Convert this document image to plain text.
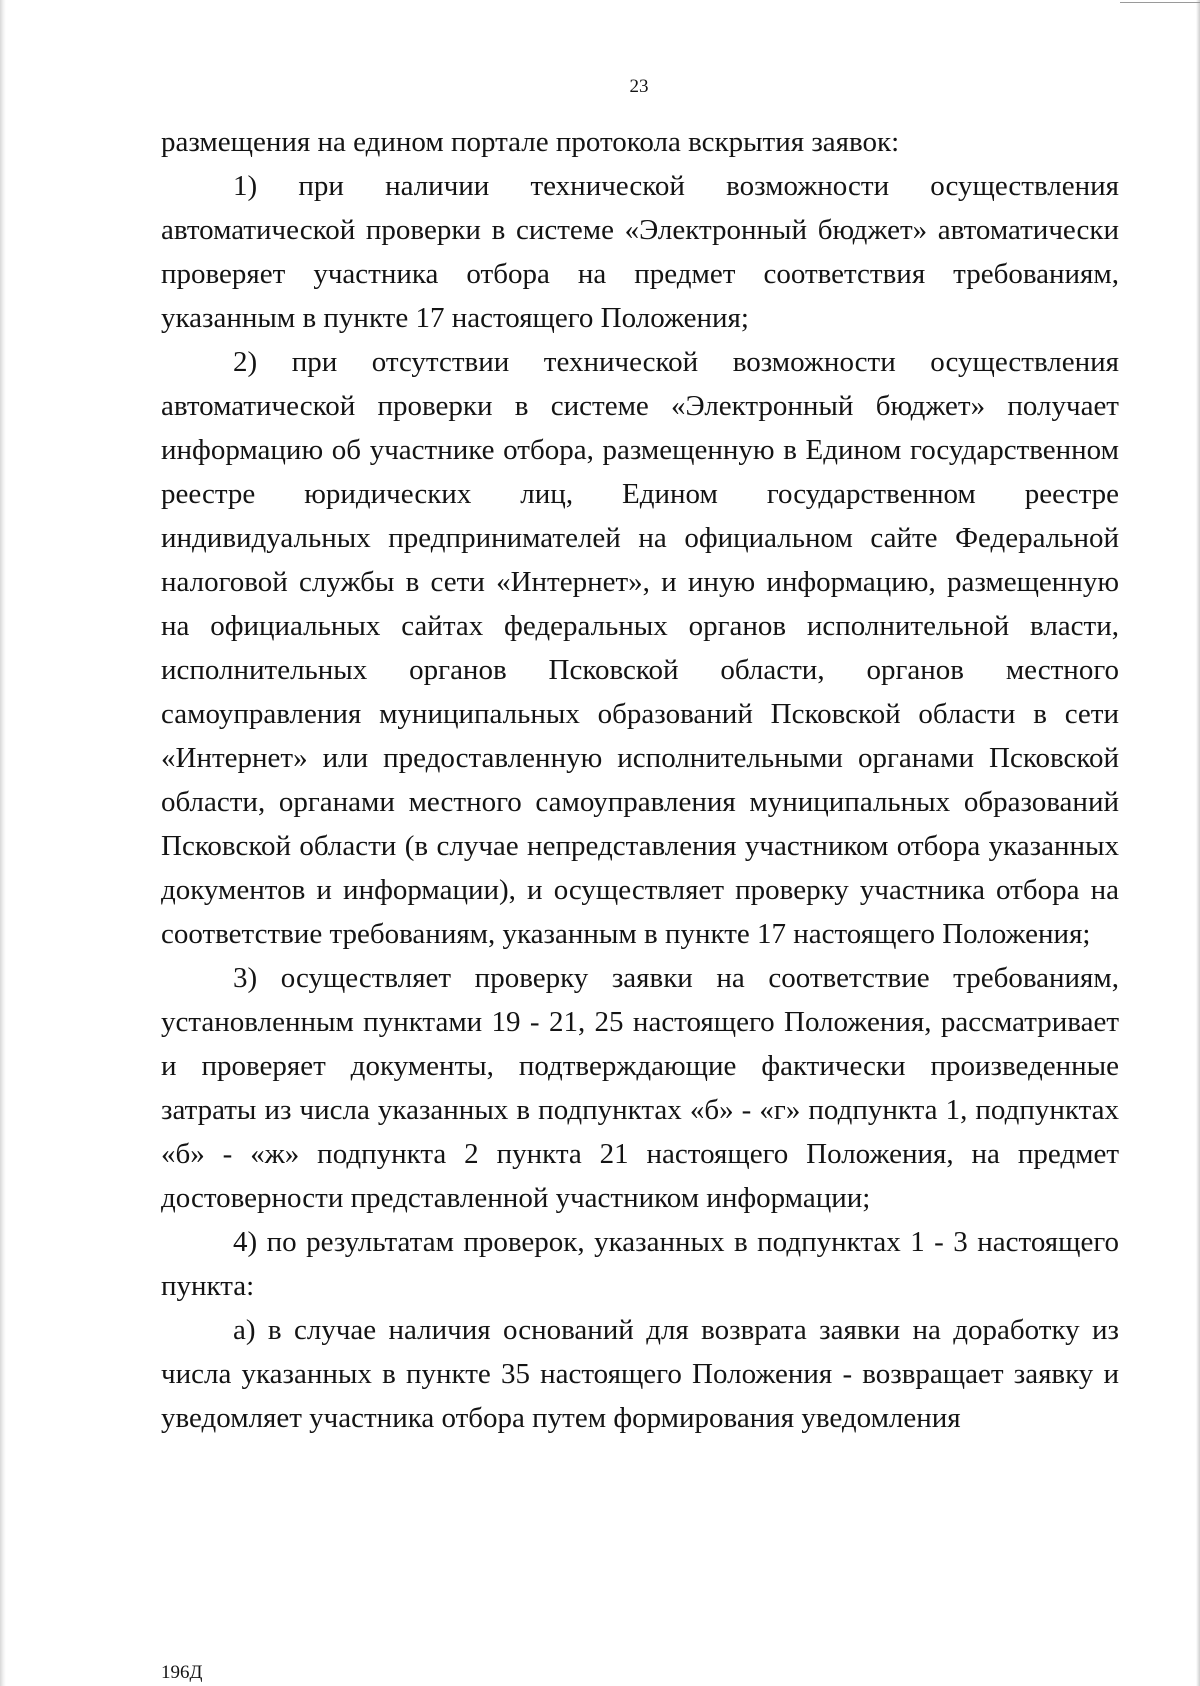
23

размещения на едином портале протокола вскрытия заявок:

1) при наличии технической возможности осуществления автоматической проверки в системе «Электронный бюджет» автоматически проверяет участника отбора на предмет соответствия требованиям, указанным в пункте 17 настоящего Положения;

2) при отсутствии технической возможности осуществления автоматической проверки в системе «Электронный бюджет» получает информацию об участнике отбора, размещенную в Едином государственном реестре юридических лиц, Едином государственном реестре индивидуальных предпринимателей на официальном сайте Федеральной налоговой службы в сети «Интернет», и иную информацию, размещенную на официальных сайтах федеральных органов исполнительной власти, исполнительных органов Псковской области, органов местного самоуправления муниципальных образований Псковской области в сети «Интернет» или предоставленную исполнительными органами Псковской области, органами местного самоуправления муниципальных образований Псковской области (в случае непредставления участником отбора указанных документов и информации), и осуществляет проверку участника отбора на соответствие требованиям, указанным в пункте 17 настоящего Положения;

3) осуществляет проверку заявки на соответствие требованиям, установленным пунктами 19 - 21, 25 настоящего Положения, рассматривает и проверяет документы, подтверждающие фактически произведенные затраты из числа указанных в подпунктах «б» - «г» подпункта 1, подпунктах «б» - «ж» подпункта 2 пункта 21 настоящего Положения, на предмет достоверности представленной участником информации;

4) по результатам проверок, указанных в подпунктах 1 - 3 настоящего пункта:

а) в случае наличия оснований для возврата заявки на доработку из числа указанных в пункте 35 настоящего Положения - возвращает заявку и уведомляет участника отбора путем формирования уведомления

196Д
